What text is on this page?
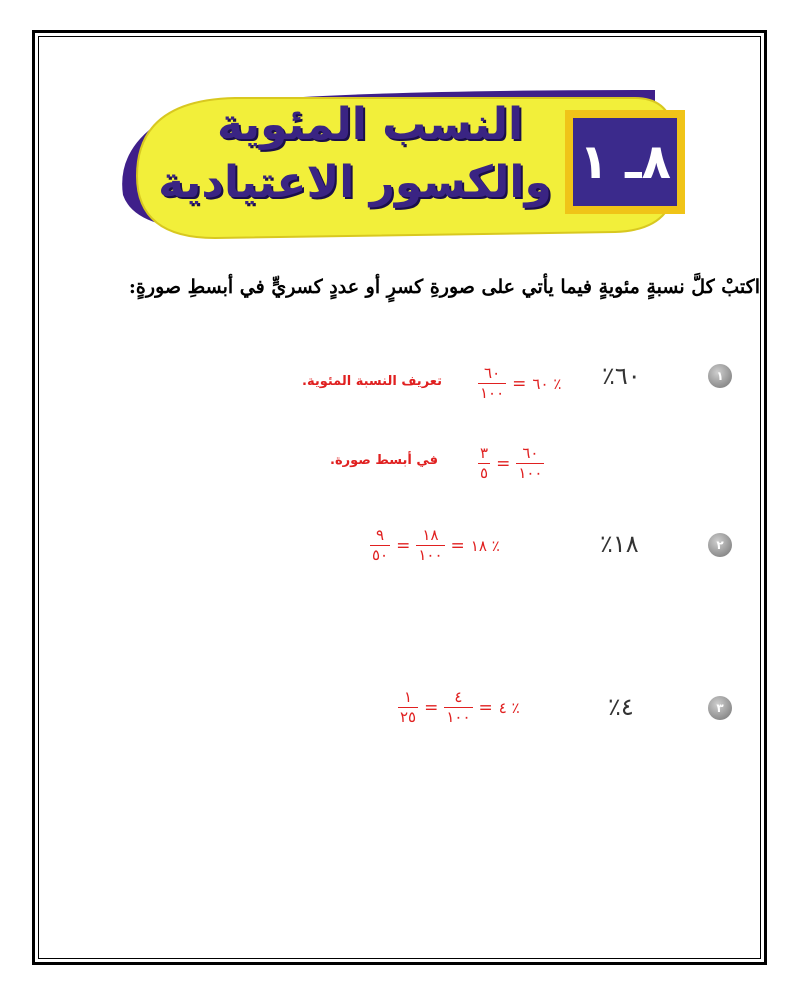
النسب المئوية
والكسور الاعتيادية ٨ـ ١
اكتبْ كلَّ نسبةٍ مئويةٍ فيما يأتي على صورةِ كسرٍ أو عددٍ كسريٍّ في أبسطِ صورةٍ:
١
٦٠٪
$\frac{٦٠}{١٠٠}$ = ٦٠ ٪
تعريف النسبة المئوية.
$\frac{٣}{٥} = \frac{٦٠}{١٠٠}$
في أبسط صورة.
٢
١٨٪
$\frac{٩}{٥٠} = \frac{١٨}{١٠٠}$ = ١٨ ٪
٣
٤٪
$\frac{١}{٢٥} = \frac{٤}{١٠٠}$ = ٤ ٪
